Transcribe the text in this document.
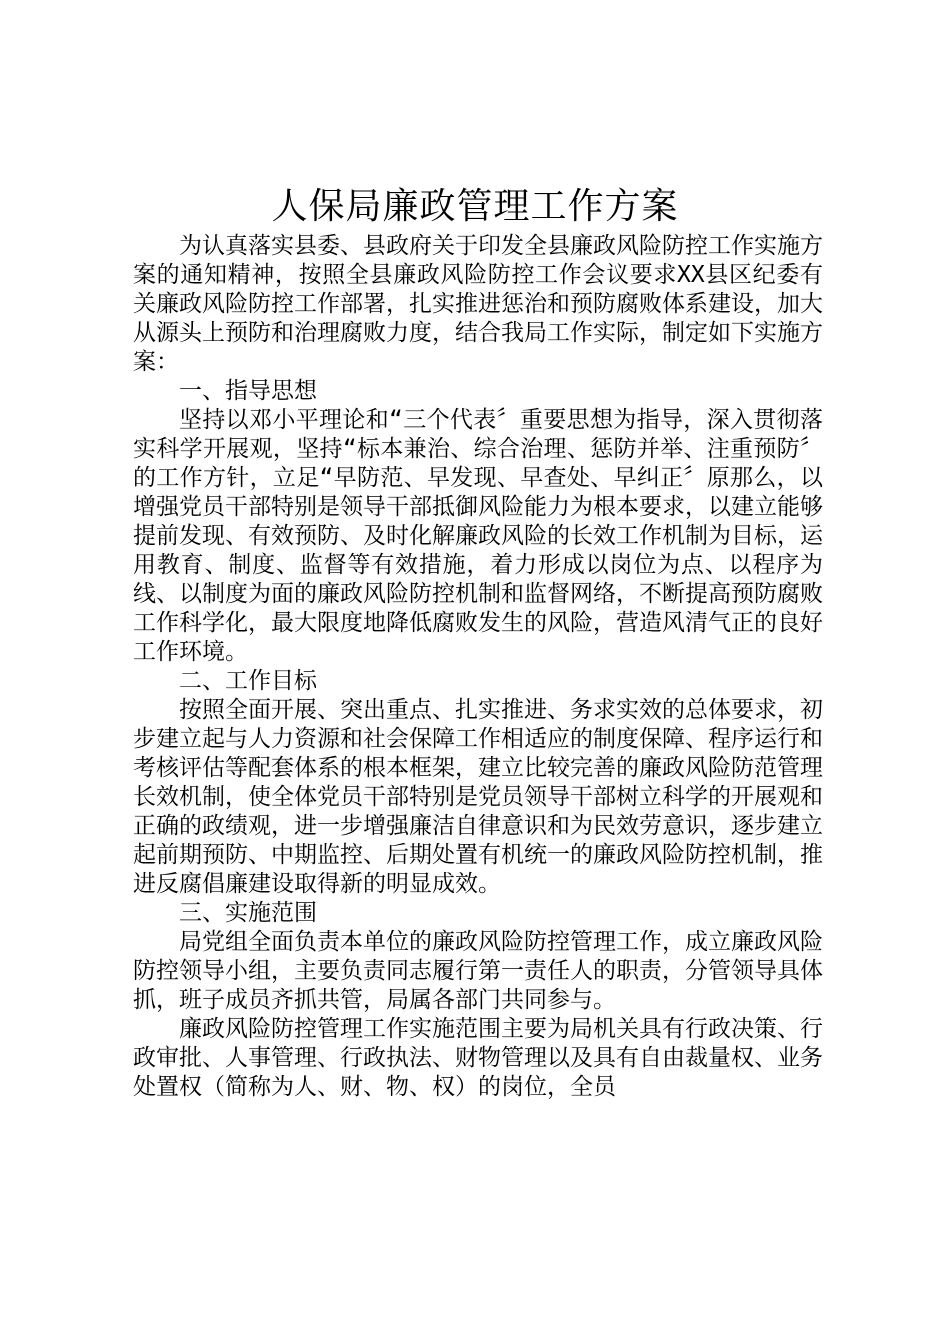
人保局廉政管理工作方案

为认真落实县委、县政府关于印发全县廉政风险防控工作实施方案的通知精神，按照全县廉政风险防控工作会议要求XX县区纪委有关廉政风险防控工作部署，扎实推进惩治和预防腐败体系建设，加大从源头上预防和治理腐败力度，结合我局工作实际，制定如下实施方案：

一、指导思想

坚持以邓小平理论和“三个代表〞重要思想为指导，深入贯彻落实科学开展观，坚持“标本兼治、综合治理、惩防并举、注重预防〞的工作方针，立足“早防范、早发现、早查处、早纠正〞原那么，以增强党员干部特别是领导干部抵御风险能力为根本要求，以建立能够提前发现、有效预防、及时化解廉政风险的长效工作机制为目标，运用教育、制度、监督等有效措施，着力形成以岗位为点、以程序为线、以制度为面的廉政风险防控机制和监督网络，不断提高预防腐败工作科学化，最大限度地降低腐败发生的风险，营造风清气正的良好工作环境。

二、工作目标

按照全面开展、突出重点、扎实推进、务求实效的总体要求，初步建立起与人力资源和社会保障工作相适应的制度保障、程序运行和考核评估等配套体系的根本框架，建立比较完善的廉政风险防范管理长效机制，使全体党员干部特别是党员领导干部树立科学的开展观和正确的政绩观，进一步增强廉洁自律意识和为民效劳意识，逐步建立起前期预防、中期监控、后期处置有机统一的廉政风险防控机制，推进反腐倡廉建设取得新的明显成效。

三、实施范围

局党组全面负责本单位的廉政风险防控管理工作，成立廉政风险防控领导小组，主要负责同志履行第一责任人的职责，分管领导具体抓，班子成员齐抓共管，局属各部门共同参与。

廉政风险防控管理工作实施范围主要为局机关具有行政决策、行政审批、人事管理、行政执法、财物管理以及具有自由裁量权、业务处置权（简称为人、财、物、权）的岗位，全员
